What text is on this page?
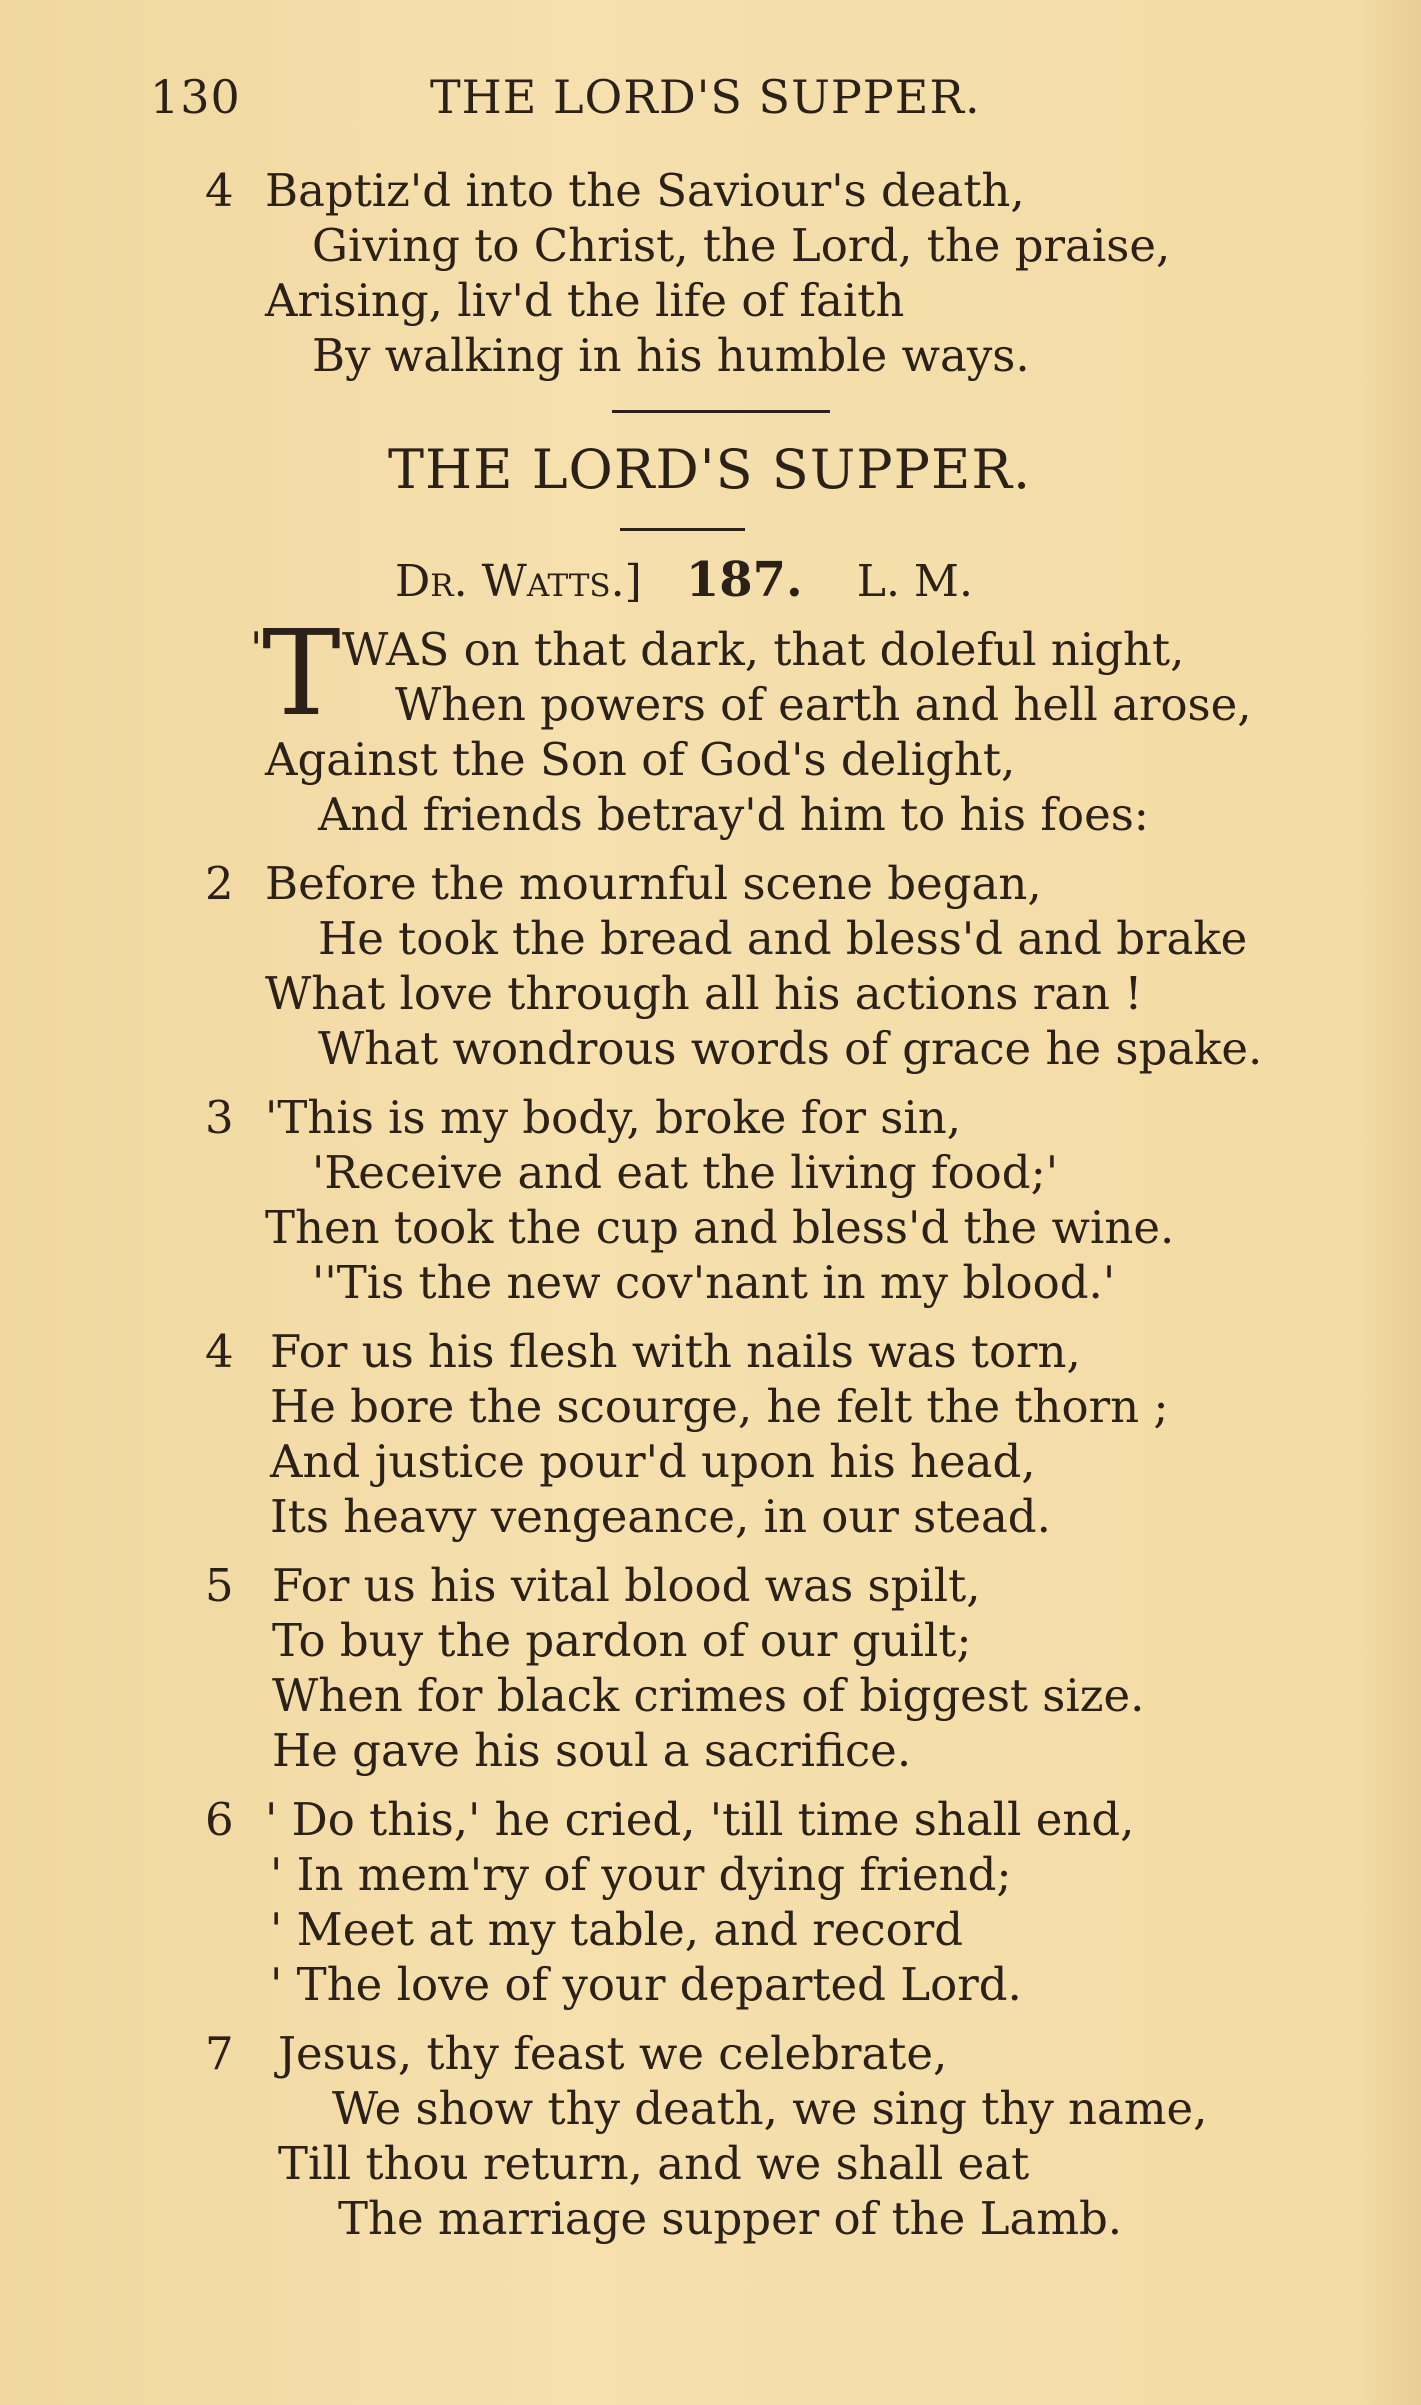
130	THE LORD'S SUPPER.
4 Baptiz'd into the Saviour's death,
Giving to Christ, the Lord, the praise,
Arising, liv'd the life of faith
By walking in his humble ways.
THE LORD'S SUPPER.
Dr. Watts.] 187. L. M.
' T WAS on that dark, that doleful night,
When powers of earth and hell arose,
Against the Son of God's delight,
And friends betray'd him to his foes:
2 Before the mournful scene began,
He took the bread and bless'd and brake
What love through all his actions ran !
What wondrous words of grace he spake.
3 'This is my body, broke for sin,
'Receive and eat the living food;'
Then took the cup and bless'd the wine.
''Tis the new cov'nant in my blood.'
4 For us his flesh with nails was torn,
He bore the scourge, he felt the thorn ;
And justice pour'd upon his head,
Its heavy vengeance, in our stead.
5 For us his vital blood was spilt,
To buy the pardon of our guilt;
When for black crimes of biggest size.
He gave his soul a sacrifice.
6 ' Do this,' he cried, 'till time shall end,
' In mem'ry of your dying friend;
' Meet at my table, and record
' The love of your departed Lord.
7 Jesus, thy feast we celebrate,
We show thy death, we sing thy name,
Till thou return, and we shall eat
The marriage supper of the Lamb.
